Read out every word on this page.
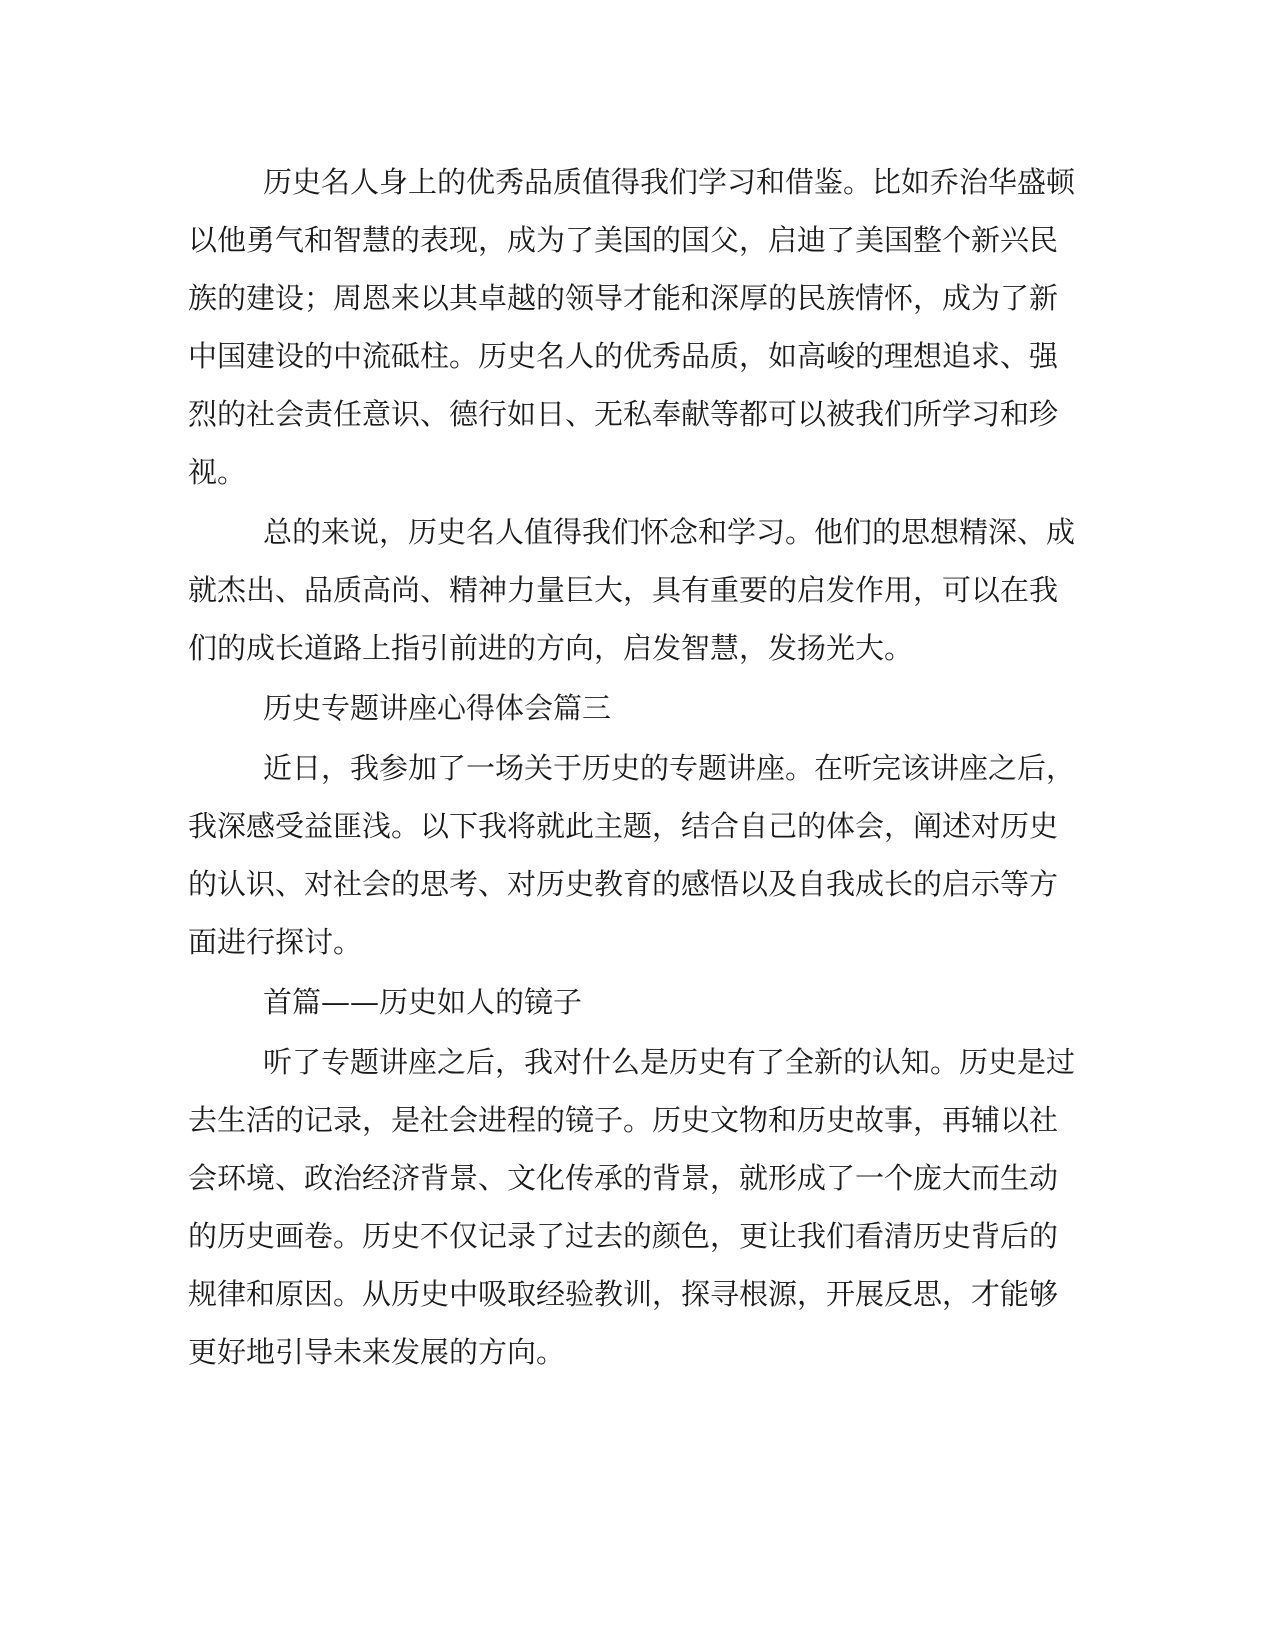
历史名人身上的优秀品质值得我们学习和借鉴。比如乔治华盛顿

以他勇气和智慧的表现，成为了美国的国父，启迪了美国整个新兴民

族的建设；周恩来以其卓越的领导才能和深厚的民族情怀，成为了新

中国建设的中流砥柱。历史名人的优秀品质，如高峻的理想追求、强

烈的社会责任意识、德行如日、无私奉献等都可以被我们所学习和珍

视。

总的来说，历史名人值得我们怀念和学习。他们的思想精深、成

就杰出、品质高尚、精神力量巨大，具有重要的启发作用，可以在我

们的成长道路上指引前进的方向，启发智慧，发扬光大。

历史专题讲座心得体会篇三

近日，我参加了一场关于历史的专题讲座。在听完该讲座之后，

我深感受益匪浅。以下我将就此主题，结合自己的体会，阐述对历史

的认识、对社会的思考、对历史教育的感悟以及自我成长的启示等方

面进行探讨。

首篇——历史如人的镜子

听了专题讲座之后，我对什么是历史有了全新的认知。历史是过

去生活的记录，是社会进程的镜子。历史文物和历史故事，再辅以社

会环境、政治经济背景、文化传承的背景，就形成了一个庞大而生动

的历史画卷。历史不仅记录了过去的颜色，更让我们看清历史背后的

规律和原因。从历史中吸取经验教训，探寻根源，开展反思，才能够

更好地引导未来发展的方向。
